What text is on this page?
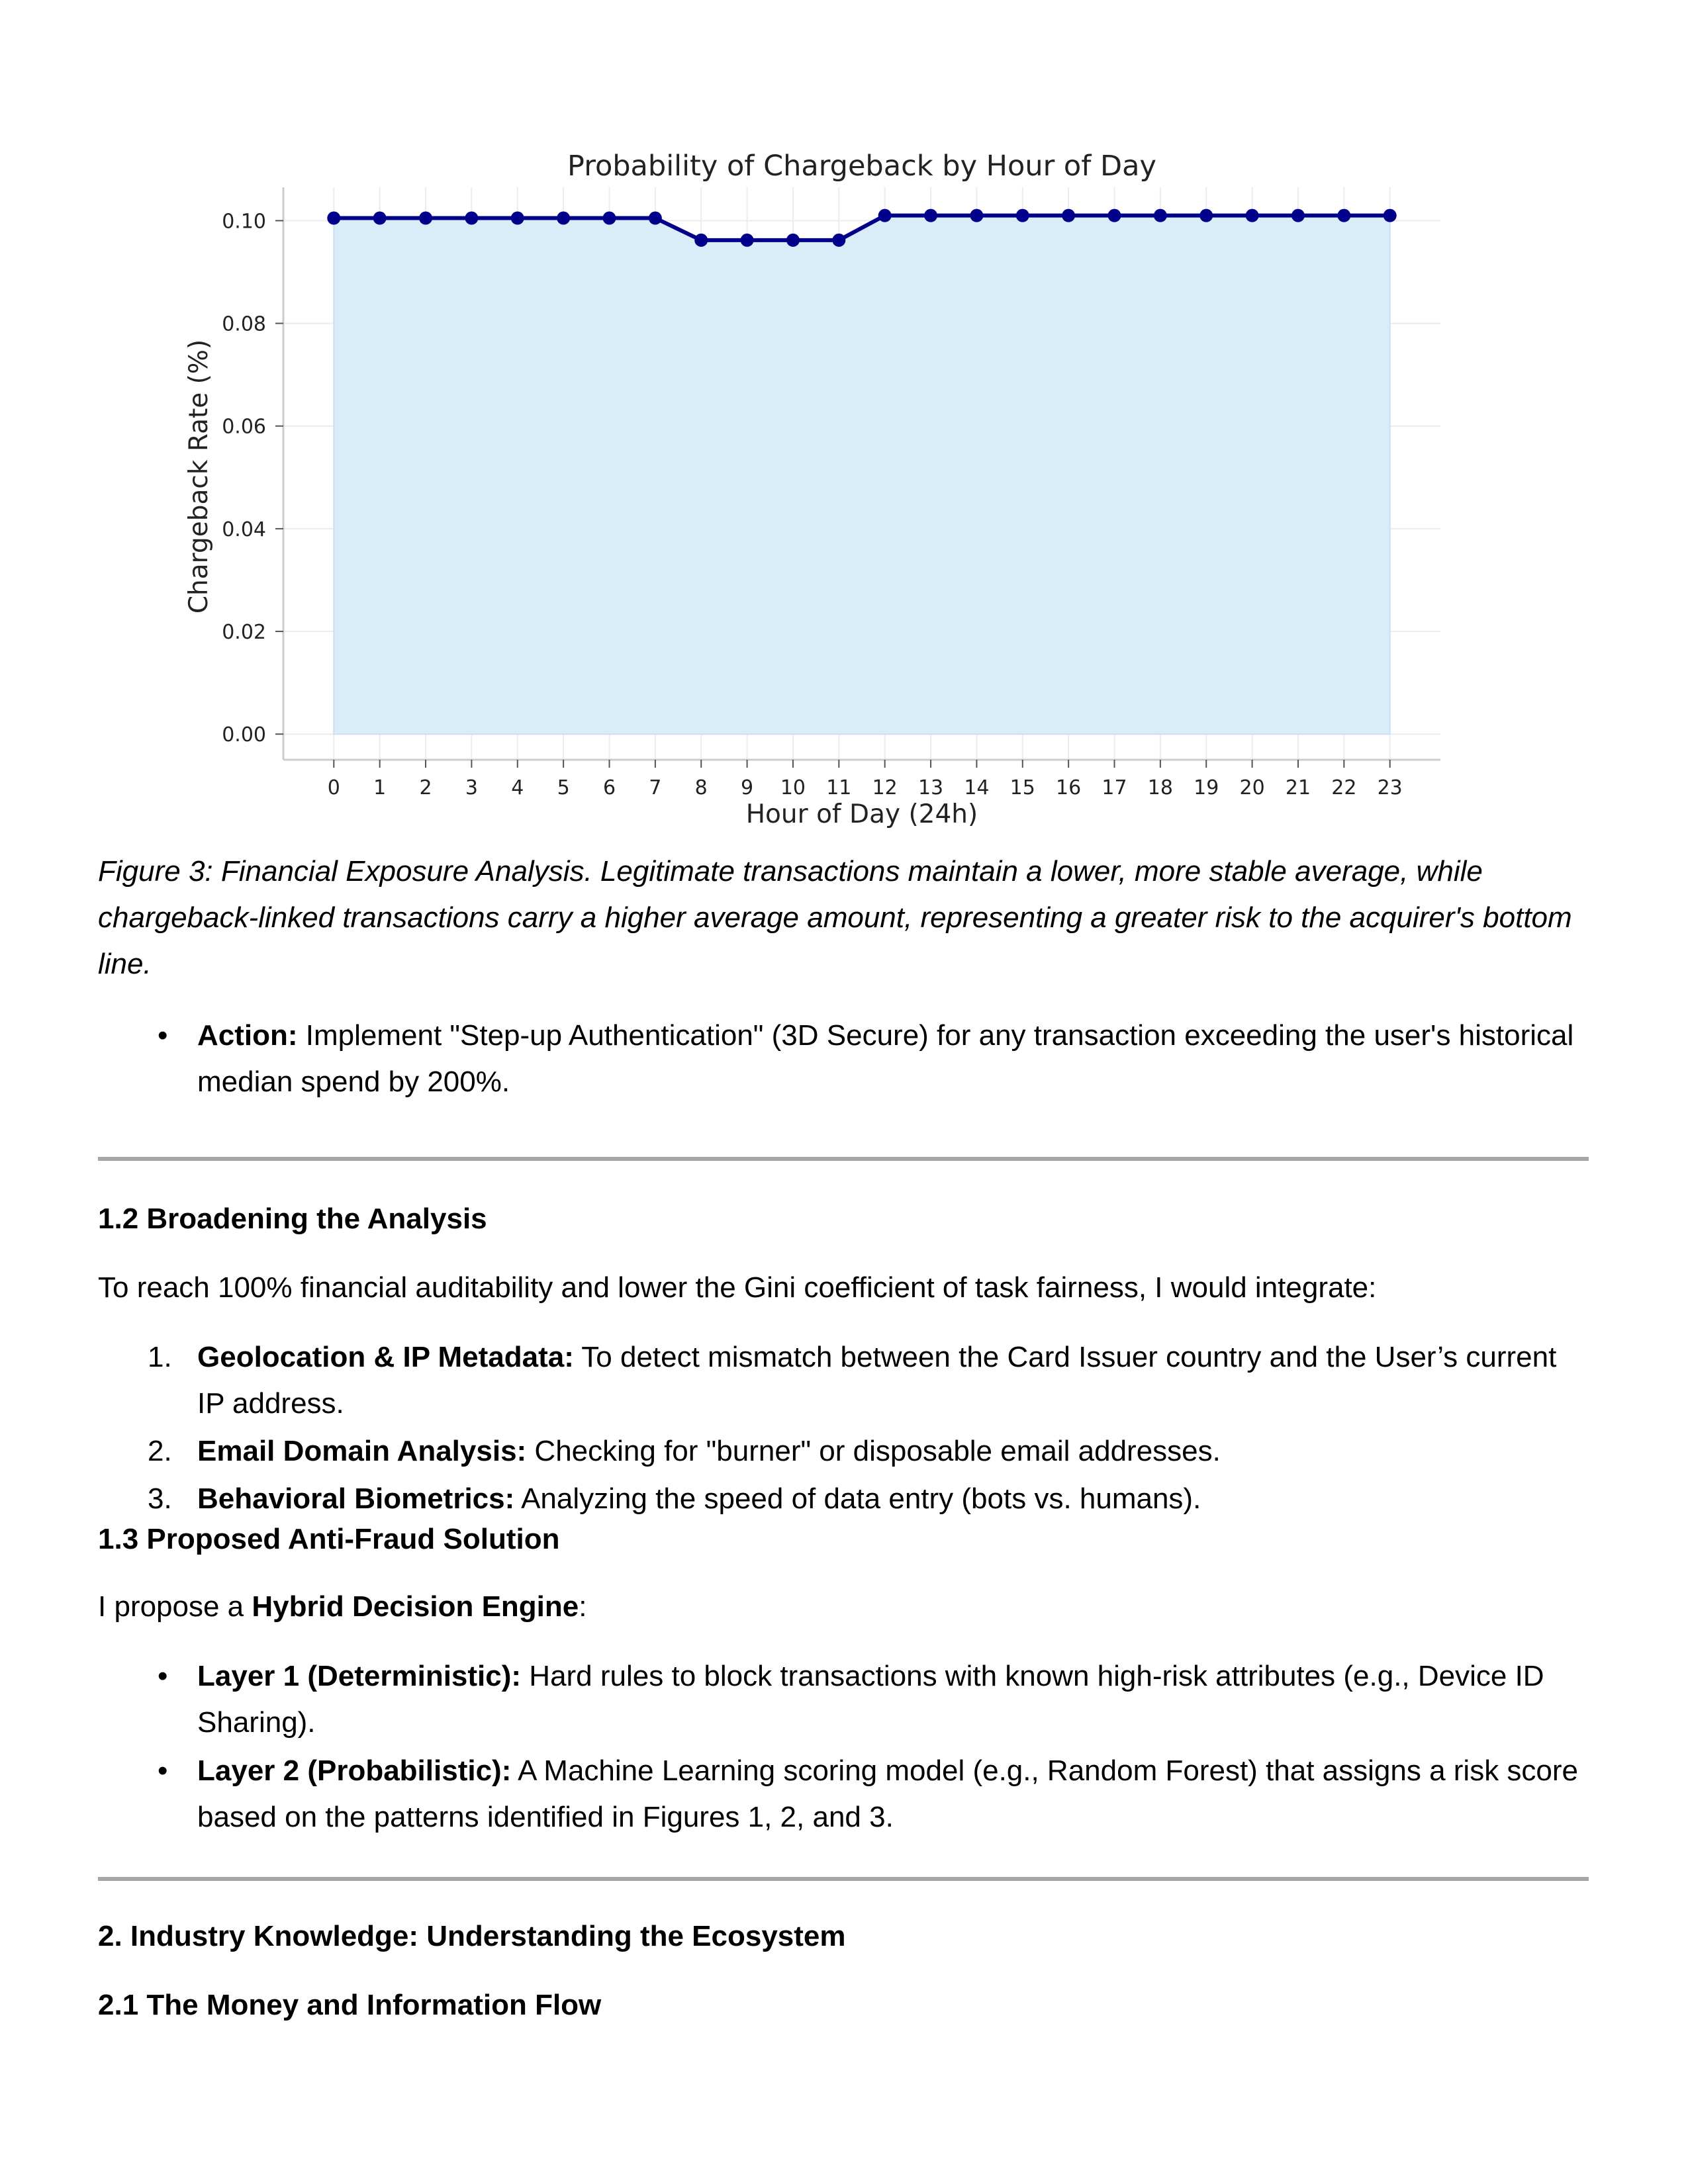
0.00
0.02
0.04
0.06
0.08
0.10
0 1 2 3 4 5 6 7 8 9 10 11 12 13 14 15 16 17 18 19 20 21 22 23
Probability of Chargeback by Hour of Day
Hour of Day (24h)
Chargeback Rate (%)

Figure 3: Financial Exposure Analysis. Legitimate transactions maintain a lower, more stable average, while chargeback-linked transactions carry a higher average amount, representing a greater risk to the acquirer's bottom line.

•	Action: Implement "Step-up Authentication" (3D Secure) for any transaction exceeding the user's historical median spend by 200%.
1.2 Broadening the Analysis

To reach 100% financial auditability and lower the Gini coefficient of task fairness, I would integrate:

1. Geolocation & IP Metadata: To detect mismatch between the Card Issuer country and the User’s current IP address.
2. Email Domain Analysis: Checking for "burner" or disposable email addresses.
3. Behavioral Biometrics: Analyzing the speed of data entry (bots vs. humans).
1.3 Proposed Anti-Fraud Solution

I propose a Hybrid Decision Engine:

•	Layer 1 (Deterministic): Hard rules to block transactions with known high-risk attributes (e.g., Device ID Sharing).
•	Layer 2 (Probabilistic): A Machine Learning scoring model (e.g., Random Forest) that assigns a risk score based on the patterns identified in Figures 1, 2, and 3.
2. Industry Knowledge: Understanding the Ecosystem
2.1 The Money and Information Flow
